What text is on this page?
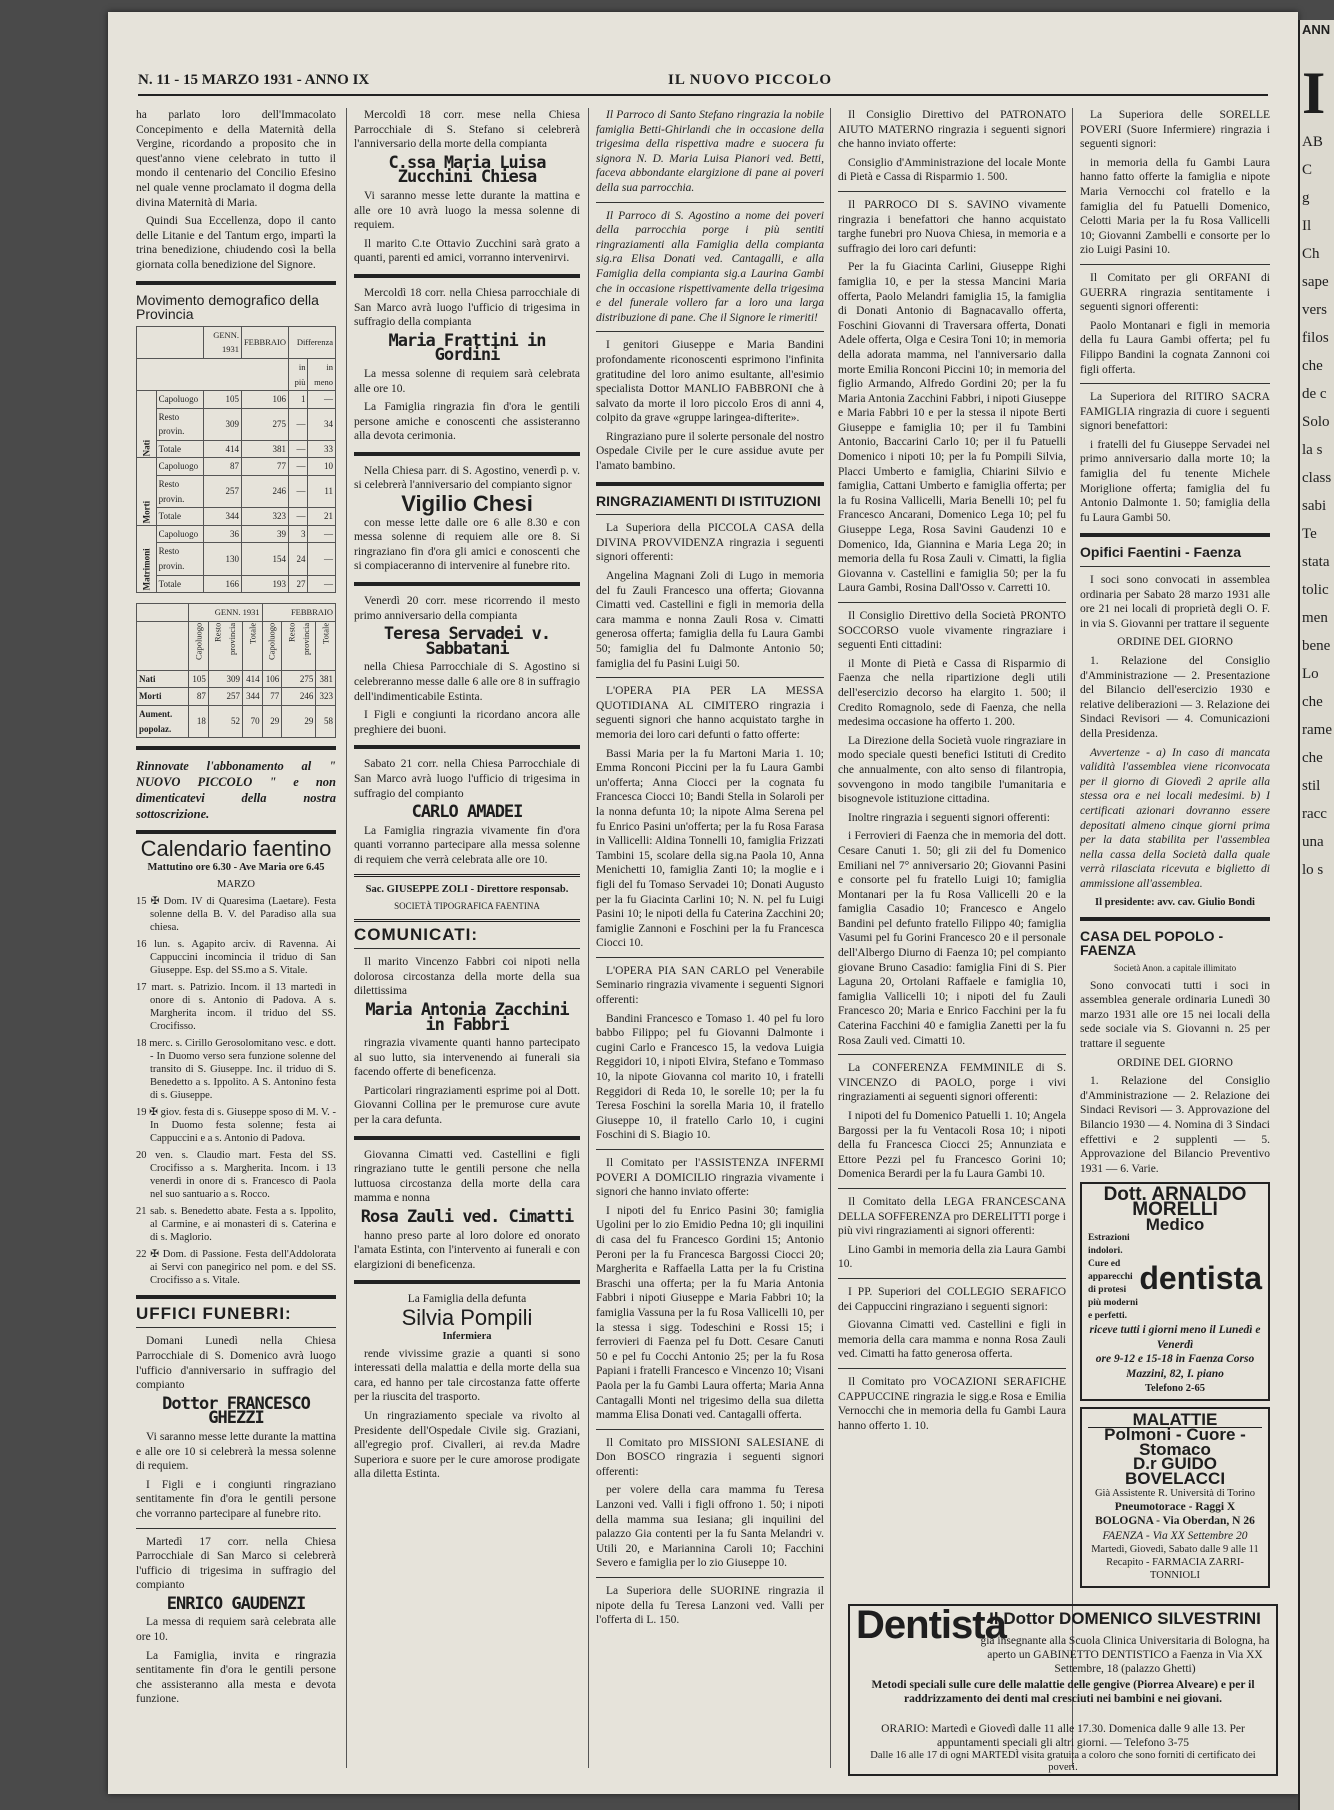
N. 11 - 15 MARZO 1931 - ANNO IX	IL NUOVO PICCOLO

ha parlato loro dell'Immacolato Concepimento e della Maternità della Vergine, ricordando a proposito che in quest'anno viene celebrato in tutto il mondo il centenario del Concilio Efesino nel quale venne proclamato il dogma della divina Maternità di Maria.

Quindi Sua Eccellenza, dopo il canto delle Litanie e del Tantum ergo, impartì la trina benedizione, chiudendo così la bella giornata colla benedizione del Signore.

Movimento demografico della Provincia
		GENN. 1931	FEBBRAIO	Differenza	
				in più	in meno
Nati	Capoluogo	105	106	1	—
	Resto provin.	309	275	—	34
	Totale	414	381	—	33
Morti	Capoluogo	87	77	—	10
	Resto provin.	257	246	—	11
	Totale	344	323	—	21
Matrimoni	Capoluogo	36	39	3	—
	Resto provin.	130	154	24	—
	Totale	166	193	27	—
	GENN. 1931			FEBBRAIO		
	Capoluogo	Resto provincia	Totale	Capoluogo	Resto provincia	Totale
Nati	105	309	414	106	275	381
Morti	87	257	344	77	246	323
Aument. popolaz.	18	52	70	29	29	58

Rinnovate l'abbonamento al " NUOVO PICCOLO " e non dimenticatevi della nostra sottoscrizione.

Calendario faentino

Mattutino ore 6.30 - Ave Maria ore 6.45

MARZO

15 ✠ Dom. IV di Quaresima (Laetare). Festa solenne della B. V. del Paradiso alla sua chiesa.

16 lun. s. Agapito arciv. di Ravenna. Ai Cappuccini incomincia il triduo di San Giuseppe. Esp. del SS.mo a S. Vitale.

17 mart. s. Patrizio. Incom. il 13 martedì in onore di s. Antonio di Padova. A s. Margherita incom. il triduo del SS. Crocifisso.

18 merc. s. Cirillo Gerosolomitano vesc. e dott. - In Duomo verso sera funzione solenne del transito di S. Giuseppe. Inc. il triduo di S. Benedetto a s. Ippolito. A S. Antonino festa di s. Giuseppe.

19 ✠ giov. festa di s. Giuseppe sposo di M. V. - In Duomo festa solenne; festa ai Cappuccini e a s. Antonio di Padova.

20 ven. s. Claudio mart. Festa del SS. Crocifisso a s. Margherita. Incom. i 13 venerdì in onore di s. Francesco di Paola nel suo santuario a s. Rocco.

21 sab. s. Benedetto abate. Festa a s. Ippolito, al Carmine, e ai monasteri di s. Caterina e di s. Maglorio.

22 ✠ Dom. di Passione. Festa dell'Addolorata ai Servi con panegirico nel pom. e del SS. Crocifisso a s. Vitale.

UFFICI FUNEBRI:

Domani Lunedì nella Chiesa Parrocchiale di S. Domenico avrà luogo l'ufficio d'anniversario in suffragio del compianto

Dottor FRANCESCO GHEZZI

Vi saranno messe lette durante la mattina e alle ore 10 si celebrerà la messa solenne di requiem.

I Figli e i congiunti ringraziano sentitamente fin d'ora le gentili persone che vorranno partecipare al funebre rito.

Martedì 17 corr. nella Chiesa Parrocchiale di San Marco si celebrerà l'ufficio di trigesima in suffragio del compianto

ENRICO GAUDENZI

La messa di requiem sarà celebrata alle ore 10.

La Famiglia, invita e ringrazia sentitamente fin d'ora le gentili persone che assisteranno alla mesta e devota funzione.

Mercoldì 18 corr. mese nella Chiesa Parrocchiale di S. Stefano si celebrerà l'anniversario della morte della compianta

C.ssa Maria Luisa Zucchini Chiesa

Vi saranno messe lette durante la mattina e alle ore 10 avrà luogo la messa solenne di requiem.

Il marito C.te Ottavio Zucchini sarà grato a quanti, parenti ed amici, vorranno intervenirvi.

Mercoldì 18 corr. nella Chiesa parrocchiale di San Marco avrà luogo l'ufficio di trigesima in suffragio della compianta

Maria Frattini in Gordini

La messa solenne di requiem sarà celebrata alle ore 10.

La Famiglia ringrazia fin d'ora le gentili persone amiche e conoscenti che assisteranno alla devota cerimonia.

Nella Chiesa parr. di S. Agostino, venerdì p. v. si celebrerà l'anniversario del compianto signor

Vigilio Chesi

con messe lette dalle ore 6 alle 8.30 e con messa solenne di requiem alle ore 8. Si ringraziano fin d'ora gli amici e conoscenti che si compiaceranno di intervenire al funebre rito.

Venerdì 20 corr. mese ricorrendo il mesto primo anniversario della compianta

Teresa Servadei v. Sabbatani

nella Chiesa Parrocchiale di S. Agostino si celebreranno messe dalle 6 alle ore 8 in suffragio dell'indimenticabile Estinta.

I Figli e congiunti la ricordano ancora alle preghiere dei buoni.

Sabato 21 corr. nella Chiesa Parrocchiale di San Marco avrà luogo l'ufficio di trigesima in suffragio del compianto

CARLO AMADEI

La Famiglia ringrazia vivamente fin d'ora quanti vorranno partecipare alla messa solenne di requiem che verrà celebrata alle ore 10.

Sac. GIUSEPPE ZOLI - Direttore responsab.

SOCIETÀ TIPOGRAFICA FAENTINA

COMUNICATI:

Il marito Vincenzo Fabbri coi nipoti nella dolorosa circostanza della morte della sua dilettissima

Maria Antonia Zacchini in Fabbri

ringrazia vivamente quanti hanno partecipato al suo lutto, sia intervenendo ai funerali sia facendo offerte di beneficenza.

Particolari ringraziamenti esprime poi al Dott. Giovanni Collina per le premurose cure avute per la cara defunta.

Giovanna Cimatti ved. Castellini e figli ringraziano tutte le gentili persone che nella luttuosa circostanza della morte della cara mamma e nonna

Rosa Zauli ved. Cimatti

hanno preso parte al loro dolore ed onorato l'amata Estinta, con l'intervento ai funerali e con elargizioni di beneficenza.

La Famiglia della defunta

Silvia Pompili

Infermiera

rende vivissime grazie a quanti si sono interessati della malattia e della morte della sua cara, ed hanno per tale circostanza fatte offerte per la riuscita del trasporto.

Un ringraziamento speciale va rivolto al Presidente dell'Ospedale Civile sig. Graziani, all'egregio prof. Civalleri, ai rev.da Madre Superiora e suore per le cure amorose prodigate alla diletta Estinta.

Il Parroco di Santo Stefano ringrazia la nobile famiglia Betti-Ghirlandi che in occasione della trigesima della rispettiva madre e suocera fu signora N. D. Maria Luisa Pianori ved. Betti, faceva abbondante elargizione di pane ai poveri della sua parrocchia.

Il Parroco di S. Agostino a nome dei poveri della parrocchia porge i più sentiti ringraziamenti alla Famiglia della compianta sig.ra Elisa Donati ved. Cantagalli, e alla Famiglia della compianta sig.a Laurina Gambi che in occasione rispettivamente della trigesima e del funerale vollero far a loro una larga distribuzione di pane. Che il Signore le rimeriti!

I genitori Giuseppe e Maria Bandini profondamente riconoscenti esprimono l'infinita gratitudine del loro animo esultante, all'esimio specialista Dottor MANLIO FABBRONI che à salvato da morte il loro piccolo Eros di anni 4, colpito da grave «gruppe laringea-difterite».

Ringraziano pure il solerte personale del nostro Ospedale Civile per le cure assidue avute per l'amato bambino.

RINGRAZIAMENTI DI ISTITUZIONI

La Superiora della PICCOLA CASA della DIVINA PROVVIDENZA ringrazia i seguenti signori offerenti:

Angelina Magnani Zoli di Lugo in memoria del fu Zauli Francesco una offerta; Giovanna Cimatti ved. Castellini e figli in memoria della cara mamma e nonna Zauli Rosa v. Cimatti generosa offerta; famiglia della fu Laura Gambi 50; famiglia del fu Dalmonte Antonio 50; famiglia del fu Pasini Luigi 50.

L'OPERA PIA PER LA MESSA QUOTIDIANA AL CIMITERO ringrazia i seguenti signori che hanno acquistato targhe in memoria dei loro cari defunti o fatto offerte:

Bassi Maria per la fu Martoni Maria 1. 10; Emma Ronconi Piccini per la fu Laura Gambi un'offerta; Anna Ciocci per la cognata fu Francesca Ciocci 10; Bandi Stella in Solaroli per la nonna defunta 10; la nipote Alma Serena pel fu Enrico Pasini un'offerta; per la fu Rosa Farasa in Vallicelli: Aldina Tonnelli 10, famiglia Frizzati Tambini 15, scolare della sig.na Paola 10, Anna Menichetti 10, famiglia Zanti 10; la moglie e i figli del fu Tomaso Servadei 10; Donati Augusto per la fu Giacinta Carlini 10; N. N. pel fu Luigi Pasini 10; le nipoti della fu Caterina Zacchini 20; famiglie Zannoni e Foschini per la fu Francesca Ciocci 10.

L'OPERA PIA SAN CARLO pel Venerabile Seminario ringrazia vivamente i seguenti Signori offerenti:

Bandini Francesco e Tomaso 1. 40 pel fu loro babbo Filippo; pel fu Giovanni Dalmonte i cugini Carlo e Francesco 15, la vedova Luigia Reggidori 10, i nipoti Elvira, Stefano e Tommaso 10, la nipote Giovanna col marito 10, i fratelli Reggidori di Reda 10, le sorelle 10; per la fu Teresa Foschini la sorella Maria 10, il fratello Giuseppe 10, il fratello Carlo 10, i cugini Foschini di S. Biagio 10.

Il Comitato per l'ASSISTENZA INFERMI POVERI A DOMICILIO ringrazia vivamente i signori che hanno inviato offerte:

I nipoti del fu Enrico Pasini 30; famiglia Ugolini per lo zio Emidio Pedna 10; gli inquilini di casa del fu Francesco Gordini 15; Antonio Peroni per la fu Francesca Bargossi Ciocci 20; Margherita e Raffaella Latta per la fu Cristina Braschi una offerta; per la fu Maria Antonia Fabbri i nipoti Giuseppe e Maria Fabbri 10; la famiglia Vassuna per la fu Rosa Vallicelli 10, per la stessa i sigg. Todeschini e Rossi 15; i ferrovieri di Faenza pel fu Dott. Cesare Canuti 50 e pel fu Cocchi Antonio 25; per la fu Rosa Papiani i fratelli Francesco e Vincenzo 10; Visani Paola per la fu Gambi Laura offerta; Maria Anna Cantagalli Monti nel trigesimo della sua diletta mamma Elisa Donati ved. Cantagalli offerta.

Il Comitato pro MISSIONI SALESIANE di Don BOSCO ringrazia i seguenti signori offerenti:

per volere della cara mamma fu Teresa Lanzoni ved. Valli i figli offrono 1. 50; i nipoti della mamma sua Iesiana; gli inquilini del palazzo Gia contenti per la fu Santa Melandri v. Utili 20, e Mariannina Caroli 10; Facchini Severo e famiglia per lo zio Giuseppe 10.

La Superiora delle SUORINE ringrazia il nipote della fu Teresa Lanzoni ved. Valli per l'offerta di L. 150.

Il Consiglio Direttivo del PATRONATO AIUTO MATERNO ringrazia i seguenti signori che hanno inviato offerte:

Consiglio d'Amministrazione del locale Monte di Pietà e Cassa di Risparmio 1. 500.

Il PARROCO DI S. SAVINO vivamente ringrazia i benefattori che hanno acquistato targhe funebri pro Nuova Chiesa, in memoria e a suffragio dei loro cari defunti:

Per la fu Giacinta Carlini, Giuseppe Righi famiglia 10, e per la stessa Mancini Maria offerta, Paolo Melandri famiglia 15, la famiglia di Donati Antonio di Bagnacavallo offerta, Foschini Giovanni di Traversara offerta, Donati Adele offerta, Olga e Cesira Toni 10; in memoria della adorata mamma, nel l'anniversario dalla morte Emilia Ronconi Piccini 10; in memoria del figlio Armando, Alfredo Gordini 20; per la fu Maria Antonia Zacchini Fabbri, i nipoti Giuseppe e Maria Fabbri 10 e per la stessa il nipote Berti Giuseppe e famiglia 10; per il fu Tambini Antonio, Baccarini Carlo 10; per il fu Patuelli Domenico i nipoti 10; per la fu Pompili Silvia, Placci Umberto e famiglia, Chiarini Silvio e famiglia, Cattani Umberto e famiglia offerta; per la fu Rosina Vallicelli, Maria Benelli 10; pel fu Francesco Ancarani, Domenico Lega 10; pel fu Giuseppe Lega, Rosa Savini Gaudenzi 10 e Domenico, Ida, Giannina e Maria Lega 20; in memoria della fu Rosa Zauli v. Cimatti, la figlia Giovanna v. Castellini e famiglia 50; per la fu Laura Gambi, Rosina Dall'Osso v. Carretti 10.

Il Consiglio Direttivo della Società PRONTO SOCCORSO vuole vivamente ringraziare i seguenti Enti cittadini:

il Monte di Pietà e Cassa di Risparmio di Faenza che nella ripartizione degli utili dell'esercizio decorso ha elargito 1. 500; il Credito Romagnolo, sede di Faenza, che nella medesima occasione ha offerto 1. 200.

La Direzione della Società vuole ringraziare in modo speciale questi benefici Istituti di Credito che annualmente, con alto senso di filantropia, sovvengono in modo tangibile l'umanitaria e bisognevole istituzione cittadina.

Inoltre ringrazia i seguenti signori offerenti:

i Ferrovieri di Faenza che in memoria del dott. Cesare Canuti 1. 50; gli zii del fu Domenico Emiliani nel 7° anniversario 20; Giovanni Pasini e consorte pel fu fratello Luigi 10; famiglia Montanari per la fu Rosa Vallicelli 20 e la famiglia Casadio 10; Francesco e Angelo Bandini pel defunto fratello Filippo 40; famiglia Vasumi pel fu Gorini Francesco 20 e il personale dell'Albergo Diurno di Faenza 10; pel compianto giovane Bruno Casadio: famiglia Fini di S. Pier Laguna 20, Ortolani Raffaele e famiglia 10, famiglia Vallicelli 10; i nipoti del fu Zauli Francesco 20; Maria e Enrico Facchini per la fu Caterina Facchini 40 e famiglia Zanetti per la fu Rosa Zauli ved. Cimatti 10.

La CONFERENZA FEMMINILE di S. VINCENZO di PAOLO, porge i vivi ringraziamenti ai seguenti signori offerenti:

I nipoti del fu Domenico Patuelli 1. 10; Angela Bargossi per la fu Ventacoli Rosa 10; i nipoti della fu Francesca Ciocci 25; Annunziata e Ettore Pezzi pel fu Francesco Gorini 10; Domenica Berardi per la fu Laura Gambi 10.

Il Comitato della LEGA FRANCESCANA DELLA SOFFERENZA pro DERELITTI porge i più vivi ringraziamenti ai signori offerenti:

Lino Gambi in memoria della zia Laura Gambi 10.

I PP. Superiori del COLLEGIO SERAFICO dei Cappuccini ringraziano i seguenti signori:

Giovanna Cimatti ved. Castellini e figli in memoria della cara mamma e nonna Rosa Zauli ved. Cimatti ha fatto generosa offerta.

Il Comitato pro VOCAZIONI SERAFICHE CAPPUCCINE ringrazia le sigg.e Rosa e Emilia Vernocchi che in memoria della fu Gambi Laura hanno offerto 1. 10.

La Superiora delle SORELLE POVERI (Suore Infermiere) ringrazia i seguenti signori:

in memoria della fu Gambi Laura hanno fatto offerte la famiglia e nipote Maria Vernocchi col fratello e la famiglia del fu Patuelli Domenico, Celotti Maria per la fu Rosa Vallicelli 10; Giovanni Zambelli e consorte per lo zio Luigi Pasini 10.

Il Comitato per gli ORFANI di GUERRA ringrazia sentitamente i seguenti signori offerenti:

Paolo Montanari e figli in memoria della fu Laura Gambi offerta; pel fu Filippo Bandini la cognata Zannoni coi figli offerta.

La Superiora del RITIRO SACRA FAMIGLIA ringrazia di cuore i seguenti signori benefattori:

i fratelli del fu Giuseppe Servadei nel primo anniversario dalla morte 10; la famiglia del fu tenente Michele Moriglione offerta; famiglia del fu Antonio Dalmonte 1. 50; famiglia della fu Laura Gambi 50.

Opifici Faentini - Faenza

I soci sono convocati in assemblea ordinaria per Sabato 28 marzo 1931 alle ore 21 nei locali di proprietà degli O. F. in via S. Giovanni per trattare il seguente

ORDINE DEL GIORNO

1. Relazione del Consiglio d'Amministrazione — 2. Presentazione del Bilancio dell'esercizio 1930 e relative deliberazioni — 3. Relazione dei Sindaci Revisori — 4. Comunicazioni della Presidenza.

Avvertenze - a) In caso di mancata validità l'assemblea viene riconvocata per il giorno di Giovedì 2 aprile alla stessa ora e nei locali medesimi. b) I certificati azionari dovranno essere depositati almeno cinque giorni prima per la data stabilita per l'assemblea nella cassa della Società dalla quale verrà rilasciata ricevuta e biglietto di ammissione all'assemblea.

Il presidente: avv. cav. Giulio Bondi

CASA DEL POPOLO - FAENZA

Società Anon. a capitale illimitato

Sono convocati tutti i soci in assemblea generale ordinaria Lunedì 30 marzo 1931 alle ore 15 nei locali della sede sociale via S. Giovanni n. 25 per trattare il seguente

ORDINE DEL GIORNO

1. Relazione del Consiglio d'Amministrazione — 2. Relazione dei Sindaci Revisori — 3. Approvazione del Bilancio 1930 — 4. Nomina di 3 Sindaci effettivi e 2 supplenti — 5. Approvazione del Bilancio Preventivo 1931 — 6. Varie.

Dott. ARNALDO MORELLI
Medico
Estrazioni indolori. Cure ed apparecchi di protesi più moderni e perfetti.
dentista
riceve tutti i giorni meno il Lunedì e Venerdì
ore 9-12 e 15-18 in Faenza Corso Mazzini, 82, I. piano
Telefono 2-65
MALATTIE
Polmoni - Cuore - Stomaco
D.r GUIDO BOVELACCI
Già Assistente R. Università di Torino
Pneumotorace - Raggi X
BOLOGNA - Via Oberdan, N 26
FAENZA - Via XX Settembre 20
Martedì, Giovedì, Sabato dalle 9 alle 11
Recapito - FARMACIA ZARRI-TONNIOLI
Dentista
Il Dottor DOMENICO SILVESTRINI
già insegnante alla Scuola Clinica Universitaria di Bologna, ha aperto un GABINETTO DENTISTICO a Faenza in Via XX Settembre, 18 (palazzo Ghetti)
Metodi speciali sulle cure delle malattie delle gengive (Piorrea Alveare) e per il raddrizzamento dei denti mal cresciuti nei bambini e nei giovani.
ORARIO: Martedì e Giovedì dalle 11 alle 17.30. Domenica dalle 9 alle 13. Per appuntamenti speciali gli altri giorni. — Telefono 3-75
Dalle 16 alle 17 di ogni MARTEDÌ visita gratuita a coloro che sono forniti di certificato dei poveri.
ANN
I
AB
C
g
Il
Ch
sape
vers
filos
che
de c
Solo
la s
class
sabi
Te
stata
tolic
men
bene
Lo
che
rame
che
stil
racc
una
lo s
